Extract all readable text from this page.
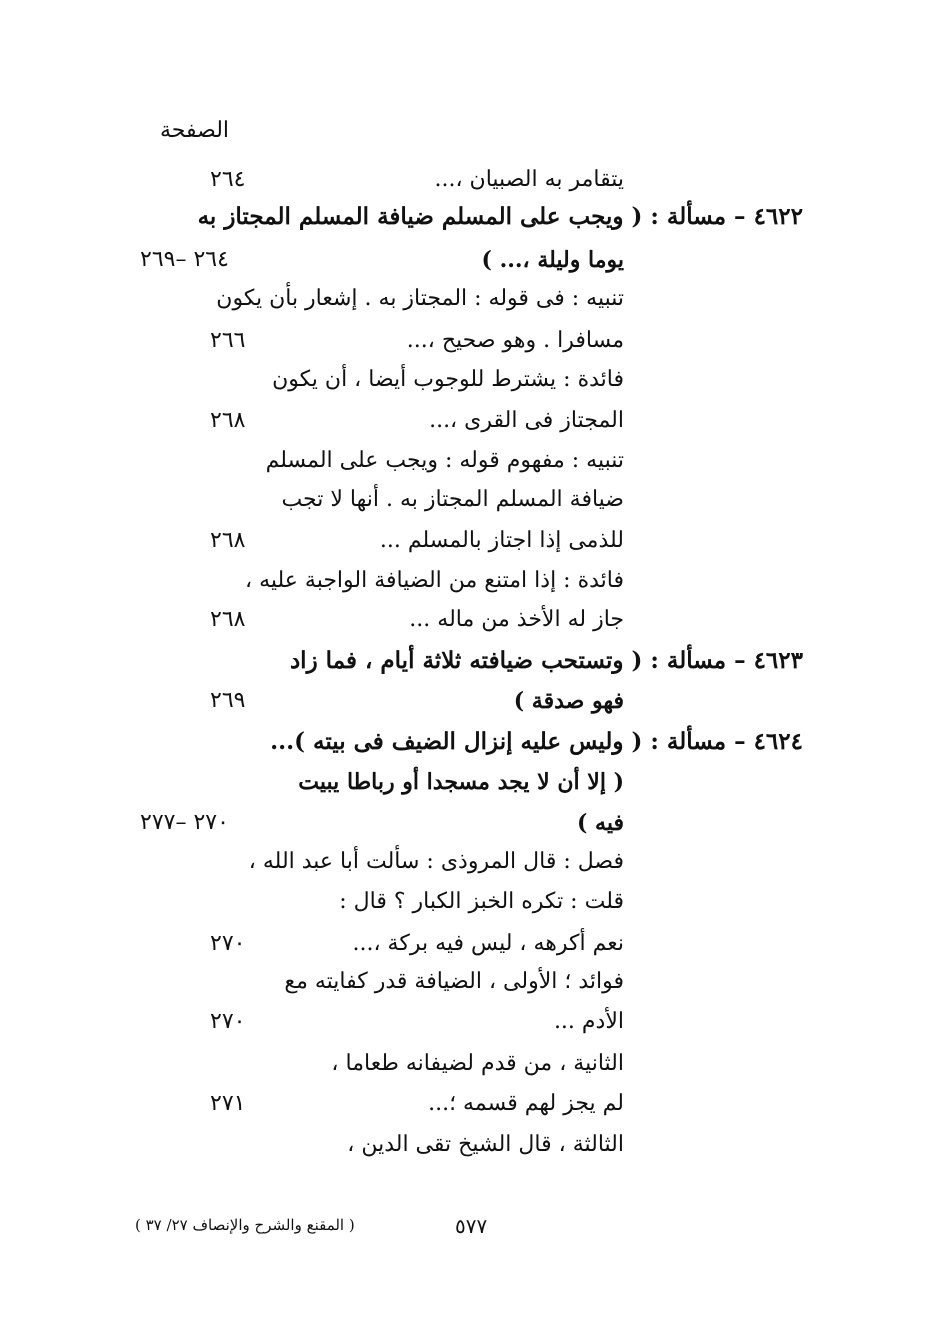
الصفحة
يتقامر به الصبيان ،...
٢٦٤
٤٦٢٢ – مسألة : ( ويجب على المسلم ضيافة المسلم المجتاز به
يوما وليلة ،... )
٢٦٤ –٢٦٩
تنبيه : فى قوله : المجتاز به . إشعار بأن يكون
مسافرا . وهو صحيح ،...
٢٦٦
فائدة : يشترط للوجوب أيضا ، أن يكون
المجتاز فى القرى ،...
٢٦٨
تنبيه : مفهوم قوله : ويجب على المسلم
ضيافة المسلم المجتاز به . أنها لا تجب
للذمى إذا اجتاز بالمسلم ...
٢٦٨
فائدة : إذا امتنع من الضيافة الواجبة عليه ،
جاز له الأخذ من ماله ...
٢٦٨
٤٦٢٣ – مسألة : ( وتستحب ضيافته ثلاثة أيام ، فما زاد
فهو صدقة )
٢٦٩
٤٦٢٤ – مسألة : ( وليس عليه إنزال الضيف فى بيته )...
( إلا أن لا يجد مسجدا أو رباطا يبيت
فيه )
٢٧٠ –٢٧٧
فصل : قال المروذى : سألت أبا عبد الله ،
قلت : تكره الخبز الكبار ؟ قال :
نعم أكرهه ، ليس فيه بركة ،...
٢٧٠
فوائد ؛ الأولى ، الضيافة قدر كفايته مع
الأدم ...
٢٧٠
الثانية ، من قدم لضيفانه طعاما ،
لم يجز لهم قسمه ؛...
٢٧١
الثالثة ، قال الشيخ تقى الدين ،
٥٧٧
( المقنع والشرح والإنصاف ٢٧/ ٣٧ )
